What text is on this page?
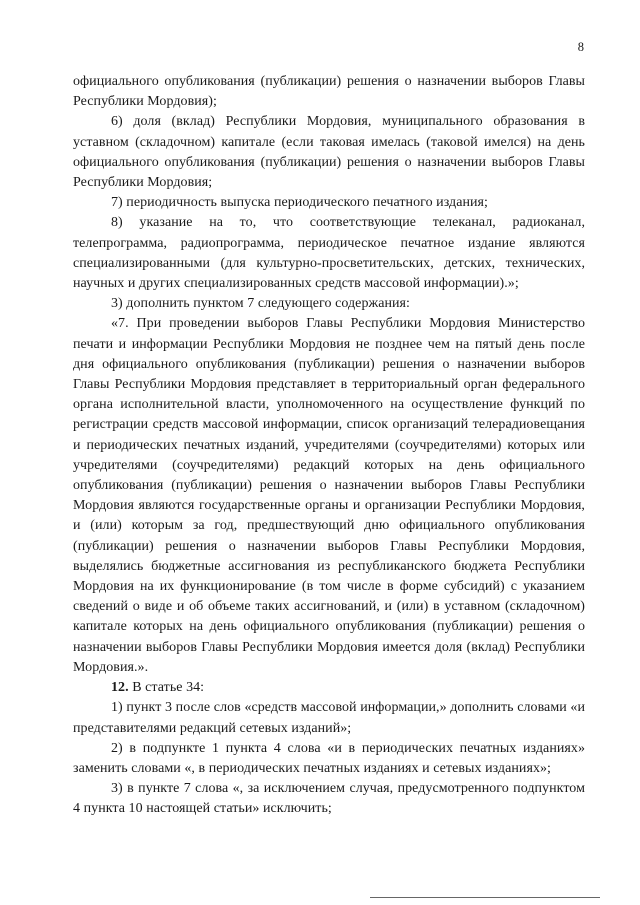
8

официального опубликования (публикации) решения о назначении выборов Главы Республики Мордовия);

6) доля (вклад) Республики Мордовия, муниципального образования в уставном (складочном) капитале (если таковая имелась (таковой имелся) на день официального опубликования (публикации) решения о назначении выборов Главы Республики Мордовия;

7) периодичность выпуска периодического печатного издания;

8) указание на то, что соответствующие телеканал, радиоканал, телепрограмма, радиопрограмма, периодическое печатное издание являются специализированными (для культурно-просветительских, детских, технических, научных и других специализированных средств массовой информации).»;

3) дополнить пунктом 7 следующего содержания:

«7. При проведении выборов Главы Республики Мордовия Министерство печати и информации Республики Мордовия не позднее чем на пятый день после дня официального опубликования (публикации) решения о назначении выборов Главы Республики Мордовия представляет в территориальный орган федерального органа исполнительной власти, уполномоченного на осуществление функций по регистрации средств массовой информации, список организаций телерадиовещания и периодических печатных изданий, учредителями (соучредителями) которых или учредителями (соучредителями) редакций которых на день официального опубликования (публикации) решения о назначении выборов Главы Республики Мордовия являются государственные органы и организации Республики Мордовия, и (или) которым за год, предшествующий дню официального опубликования (публикации) решения о назначении выборов Главы Республики Мордовия, выделялись бюджетные ассигнования из республиканского бюджета Республики Мордовия на их функционирование (в том числе в форме субсидий) с указанием сведений о виде и об объеме таких ассигнований, и (или) в уставном (складочном) капитале которых на день официального опубликования (публикации) решения о назначении выборов Главы Республики Мордовия имеется доля (вклад) Республики Мордовия.».

12. В статье 34:

1) пункт 3 после слов «средств массовой информации,» дополнить словами «и представителями редакций сетевых изданий»;

2) в подпункте 1 пункта 4 слова «и в периодических печатных изданиях» заменить словами «, в периодических печатных изданиях и сетевых изданиях»;

3) в пункте 7 слова «, за исключением случая, предусмотренного подпунктом 4 пункта 10 настоящей статьи» исключить;
